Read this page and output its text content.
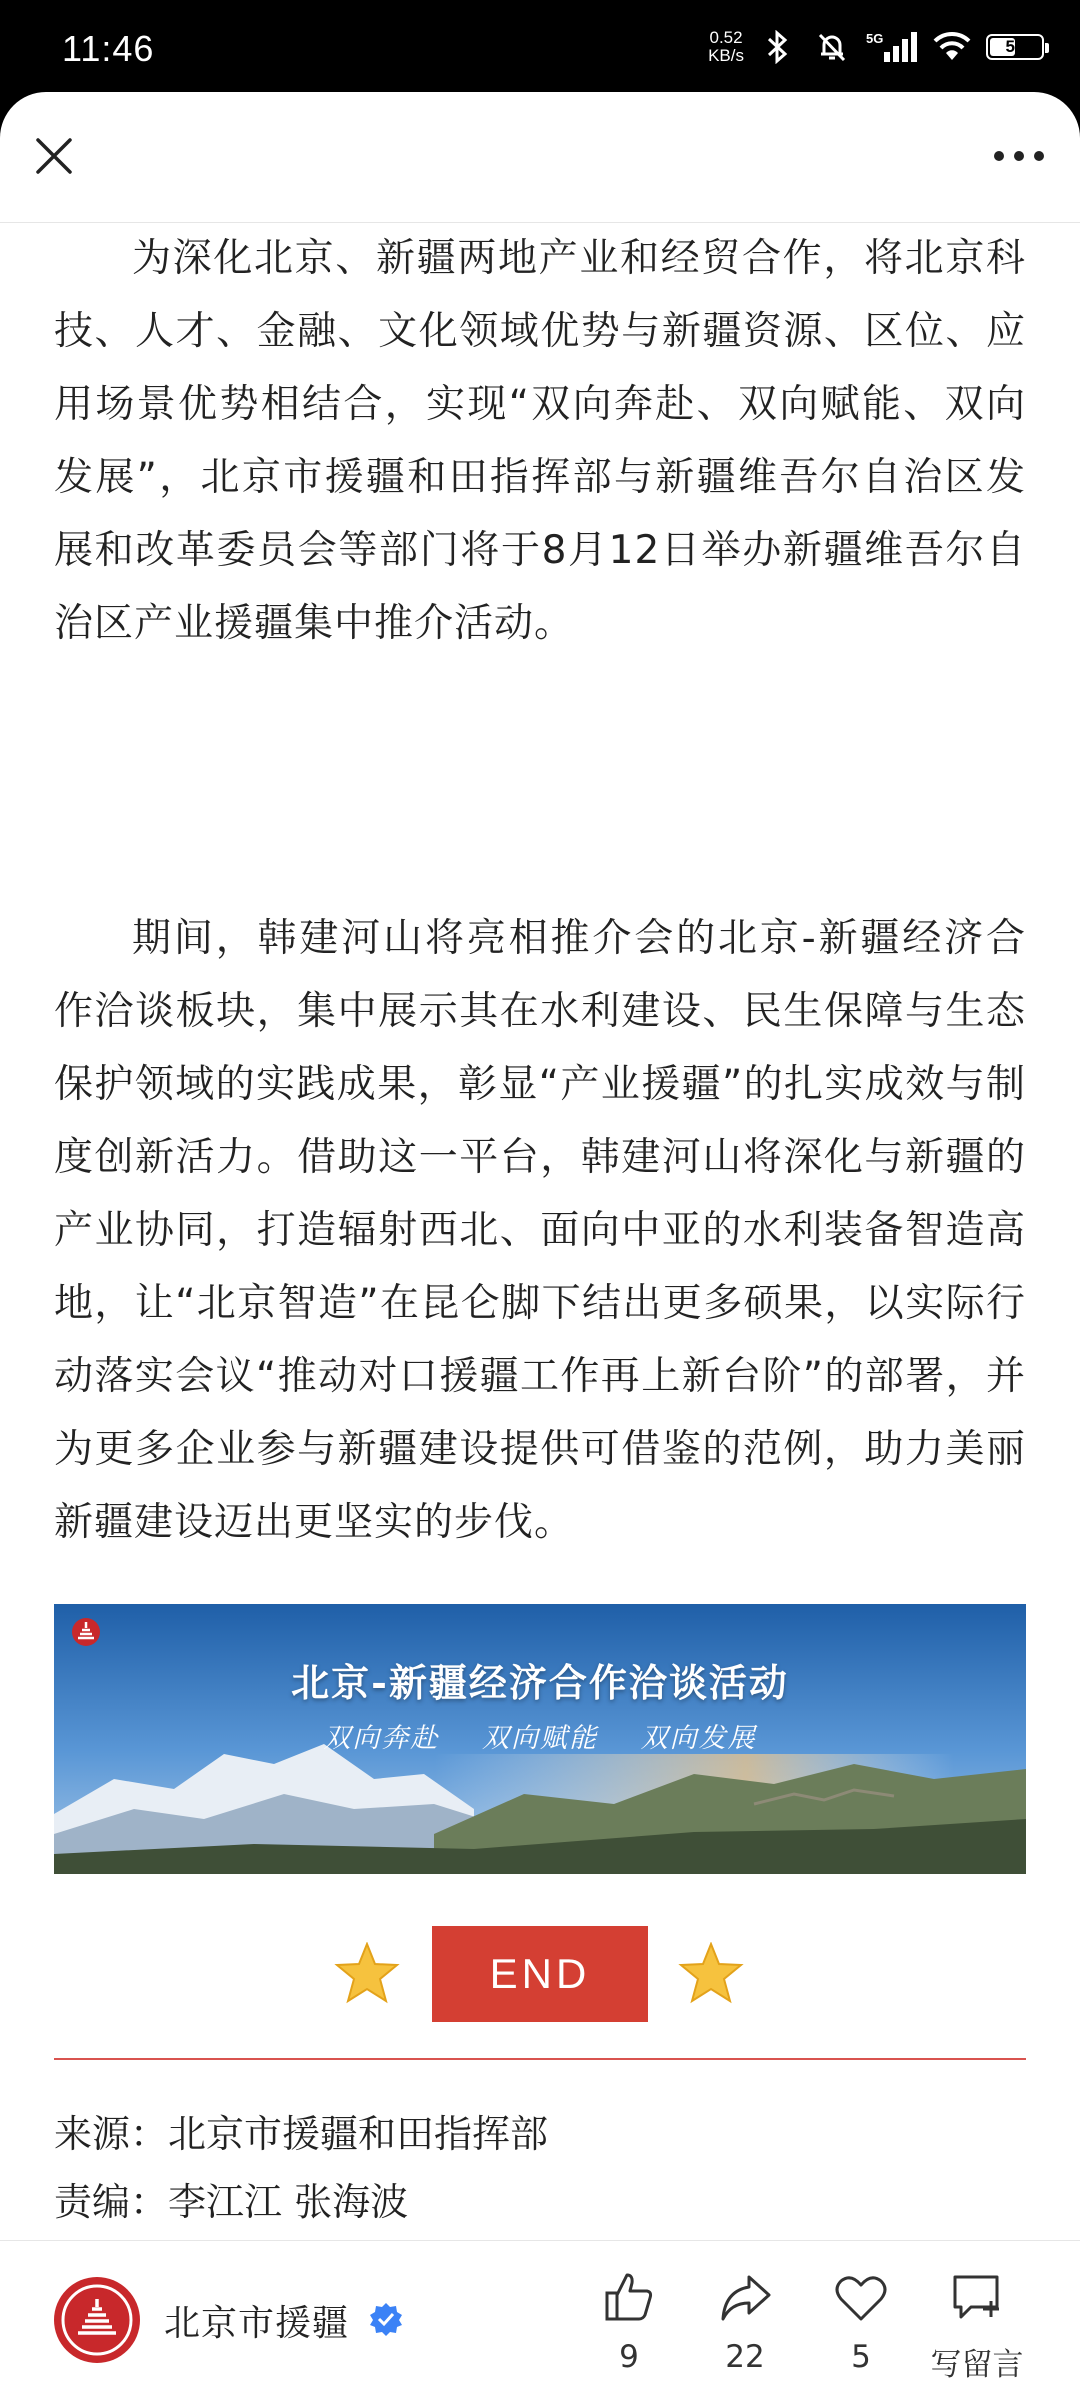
11:46	0.52
KB/s
5G	50

为深化北京、新疆两地产业和经贸合作，将北京科技、人才、金融、文化领域优势与新疆资源、区位、应用场景优势相结合，实现“双向奔赴、双向赋能、双向发展”，北京市援疆和田指挥部与新疆维吾尔自治区发展和改革委员会等部门将于8月12日举办新疆维吾尔自治区产业援疆集中推介活动。

期间，韩建河山将亮相推介会的北京-新疆经济合作洽谈板块，集中展示其在水利建设、民生保障与生态保护领域的实践成果，彰显“产业援疆”的扎实成效与制度创新活力。借助这一平台，韩建河山将深化与新疆的产业协同，打造辐射西北、面向中亚的水利装备智造高地，让“北京智造”在昆仑脚下结出更多硕果，以实际行动落实会议“推动对口援疆工作再上新台阶”的部署，并为更多企业参与新疆建设提供可借鉴的范例，助力美丽新疆建设迈出更坚实的步伐。

北京-新疆经济合作洽谈活动
双向奔赴 双向赋能 双向发展
END
来源：北京市援疆和田指挥部
责编：李江江 张海波
北京市援疆
9	22	5	写留言
